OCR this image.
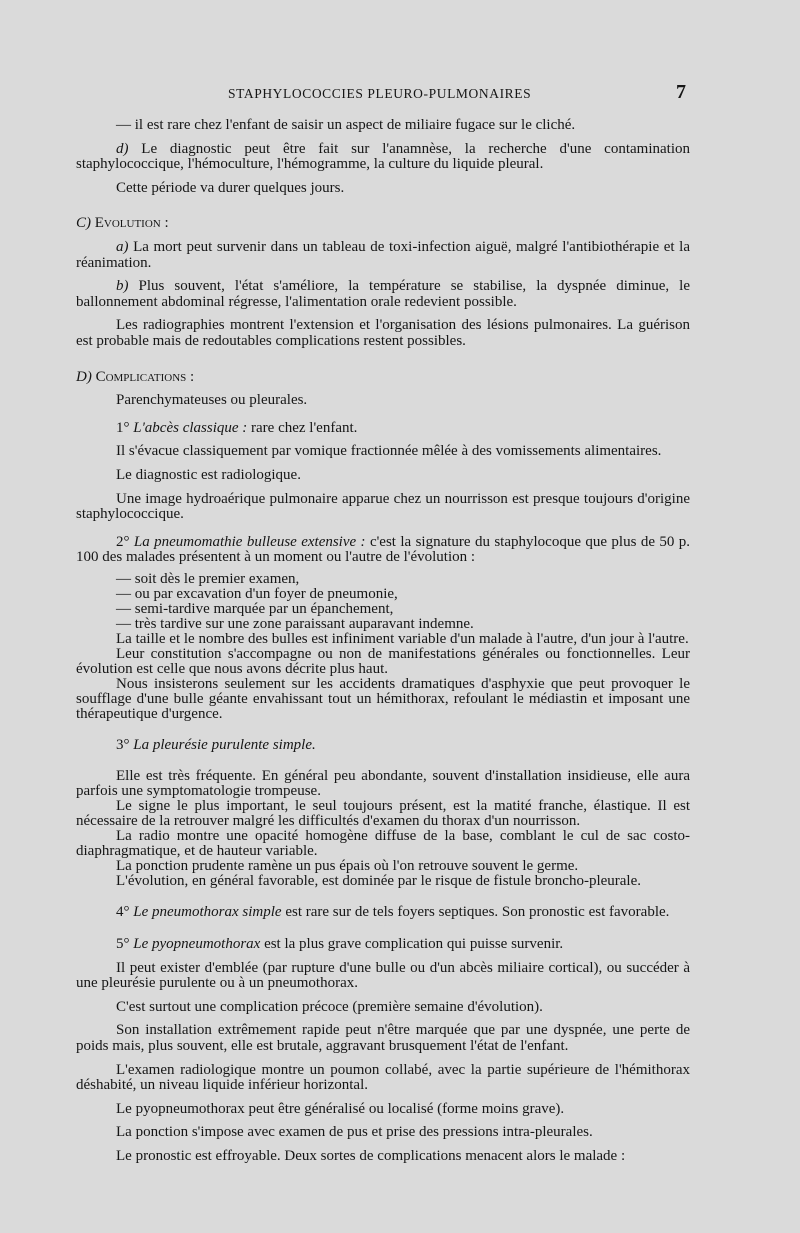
STAPHYLOCOCCIES PLEURO-PULMONAIRES	7

— il est rare chez l'enfant de saisir un aspect de miliaire fugace sur le cliché.

d) Le diagnostic peut être fait sur l'anamnèse, la recherche d'une contamination staphylococcique, l'hémoculture, l'hémogramme, la culture du liquide pleural.

Cette période va durer quelques jours.

C) Evolution :

a) La mort peut survenir dans un tableau de toxi-infection aiguë, malgré l'antibiothérapie et la réanimation.

b) Plus souvent, l'état s'améliore, la température se stabilise, la dyspnée diminue, le ballonnement abdominal régresse, l'alimentation orale redevient possible.

Les radiographies montrent l'extension et l'organisation des lésions pulmonaires. La guérison est probable mais de redoutables complications restent possibles.

D) Complications :

Parenchymateuses ou pleurales.

1° L'abcès classique : rare chez l'enfant.

Il s'évacue classiquement par vomique fractionnée mêlée à des vomissements alimentaires.

Le diagnostic est radiologique.

Une image hydroaérique pulmonaire apparue chez un nourrisson est presque toujours d'origine staphylococcique.

2° La pneumomathie bulleuse extensive : c'est la signature du staphylocoque que plus de 50 p. 100 des malades présentent à un moment ou l'autre de l'évolution :

— soit dès le premier examen,
— ou par excavation d'un foyer de pneumonie,
— semi-tardive marquée par un épanchement,
— très tardive sur une zone paraissant auparavant indemne.

La taille et le nombre des bulles est infiniment variable d'un malade à l'autre, d'un jour à l'autre.

Leur constitution s'accompagne ou non de manifestations générales ou fonctionnelles. Leur évolution est celle que nous avons décrite plus haut.

Nous insisterons seulement sur les accidents dramatiques d'asphyxie que peut provoquer le soufflage d'une bulle géante envahissant tout un hémithorax, refoulant le médiastin et imposant une thérapeutique d'urgence.

3° La pleurésie purulente simple.

Elle est très fréquente. En général peu abondante, souvent d'installation insidieuse, elle aura parfois une symptomatologie trompeuse.

Le signe le plus important, le seul toujours présent, est la matité franche, élastique. Il est nécessaire de la retrouver malgré les difficultés d'examen du thorax d'un nourrisson.

La radio montre une opacité homogène diffuse de la base, comblant le cul de sac costo-diaphragmatique, et de hauteur variable.

La ponction prudente ramène un pus épais où l'on retrouve souvent le germe.

L'évolution, en général favorable, est dominée par le risque de fistule broncho-pleurale.

4° Le pneumothorax simple est rare sur de tels foyers septiques. Son pronostic est favorable.

5° Le pyopneumothorax est la plus grave complication qui puisse survenir.

Il peut exister d'emblée (par rupture d'une bulle ou d'un abcès miliaire cortical), ou succéder à une pleurésie purulente ou à un pneumothorax.

C'est surtout une complication précoce (première semaine d'évolution).

Son installation extrêmement rapide peut n'être marquée que par une dyspnée, une perte de poids mais, plus souvent, elle est brutale, aggravant brusquement l'état de l'enfant.

L'examen radiologique montre un poumon collabé, avec la partie supérieure de l'hémithorax déshabité, un niveau liquide inférieur horizontal.

Le pyopneumothorax peut être généralisé ou localisé (forme moins grave).

La ponction s'impose avec examen de pus et prise des pressions intra-pleurales.

Le pronostic est effroyable. Deux sortes de complications menacent alors le malade :
